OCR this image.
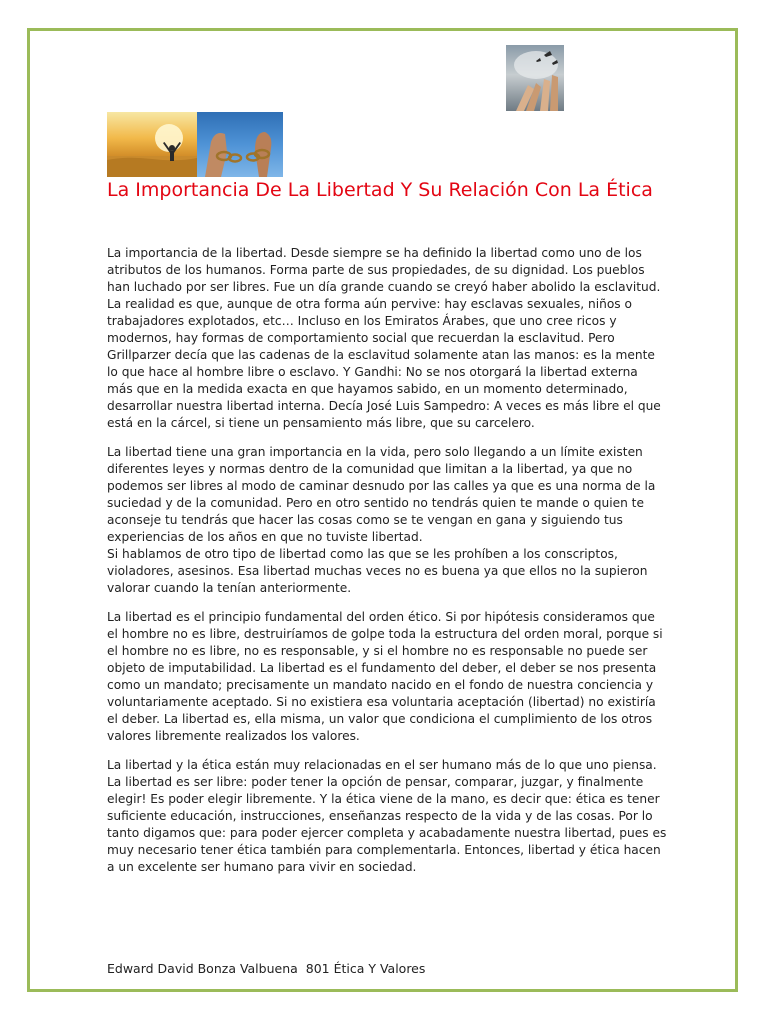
La Importancia De La Libertad Y Su Relación Con La Ética

La importancia de la libertad. Desde siempre se ha definido la libertad como uno de los atributos de los humanos. Forma parte de sus propiedades, de su dignidad. Los pueblos han luchado por ser libres. Fue un día grande cuando se creyó haber abolido la esclavitud. La realidad es que, aunque de otra forma aún pervive: hay esclavas sexuales, niños o trabajadores explotados, etc… Incluso en los Emiratos Árabes, que uno cree ricos y modernos, hay formas de comportamiento social que recuerdan la esclavitud. Pero Grillparzer decía que las cadenas de la esclavitud solamente atan las manos: es la mente lo que hace al hombre libre o esclavo. Y Gandhi: No se nos otorgará la libertad externa más que en la medida exacta en que hayamos sabido, en un momento determinado, desarrollar nuestra libertad interna. Decía José Luis Sampedro: A veces es más libre el que está en la cárcel, si tiene un pensamiento más libre, que su carcelero.

La libertad tiene una gran importancia en la vida, pero solo llegando a un límite existen diferentes leyes y normas dentro de la comunidad que limitan a la libertad, ya que no podemos ser libres al modo de caminar desnudo por las calles ya que es una norma de la suciedad y de la comunidad. Pero en otro sentido no tendrás quien te mande o quien te aconseje tu tendrás que hacer las cosas como se te vengan en gana y siguiendo tus experiencias de los años en que no tuviste libertad.
Si hablamos de otro tipo de libertad como las que se les prohíben a los conscriptos, violadores, asesinos. Esa libertad muchas veces no es buena ya que ellos no la supieron valorar cuando la tenían anteriormente.

La libertad es el principio fundamental del orden ético. Si por hipótesis consideramos que el hombre no es libre, destruiríamos de golpe toda la estructura del orden moral, porque si el hombre no es libre, no es responsable, y si el hombre no es responsable no puede ser objeto de imputabilidad. La libertad es el fundamento del deber, el deber se nos presenta como un mandato; precisamente un mandato nacido en el fondo de nuestra conciencia y voluntariamente aceptado. Si no existiera esa voluntaria aceptación (libertad) no existiría el deber. La libertad es, ella misma, un valor que condiciona el cumplimiento de los otros valores libremente realizados los valores.

La libertad y la ética están muy relacionadas en el ser humano más de lo que uno piensa. La libertad es ser libre: poder tener la opción de pensar, comparar, juzgar, y finalmente elegir! Es poder elegir libremente. Y la ética viene de la mano, es decir que: ética es tener suficiente educación, instrucciones, enseñanzas respecto de la vida y de las cosas. Por lo tanto digamos que: para poder ejercer completa y acabadamente nuestra libertad, pues es muy necesario tener ética también para complementarla. Entonces, libertad y ética hacen a un excelente ser humano para vivir en sociedad.

Edward David Bonza Valbuena  801 Ética Y Valores
